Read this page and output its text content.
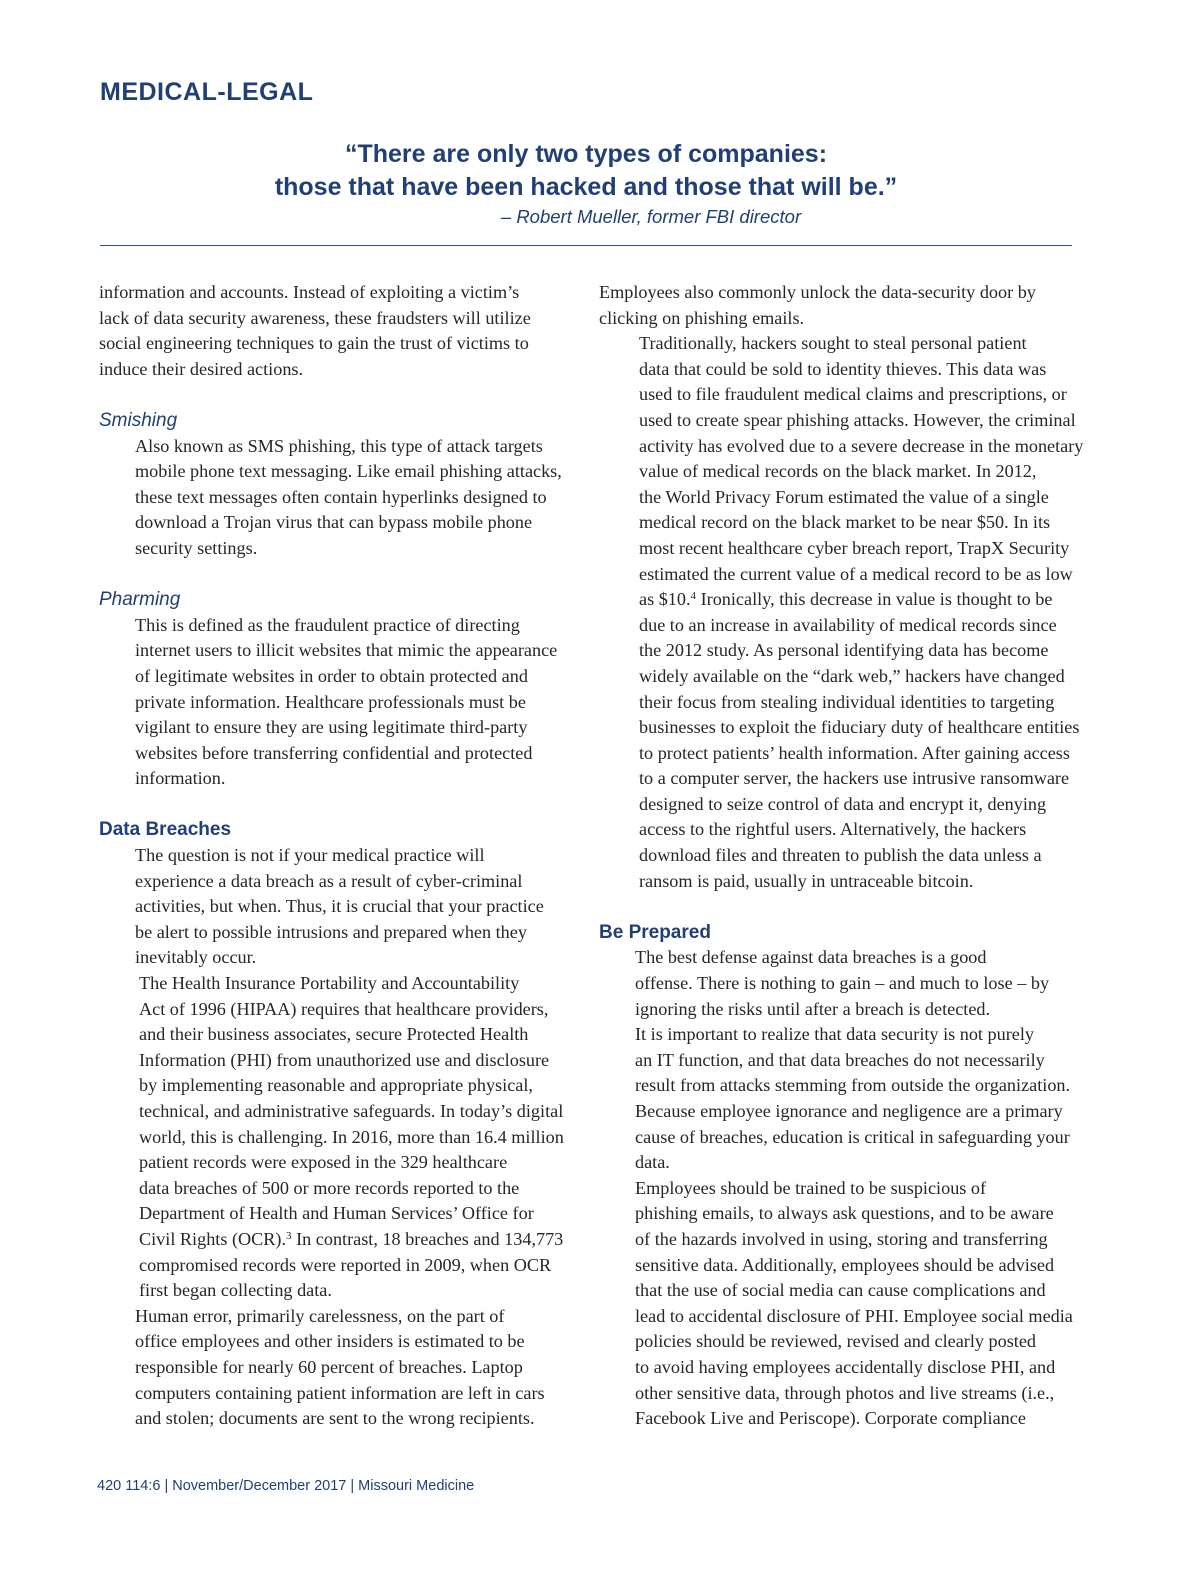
MEDICAL-LEGAL
“There are only two types of companies:
those that have been hacked and those that will be.”
– Robert Mueller, former FBI director

information and accounts. Instead of exploiting a victim’s
lack of data security awareness, these fraudsters will utilize
social engineering techniques to gain the trust of victims to
induce their desired actions.

Smishing

Also known as SMS phishing, this type of attack targets
mobile phone text messaging. Like email phishing attacks,
these text messages often contain hyperlinks designed to
download a Trojan virus that can bypass mobile phone
security settings.

Pharming

This is defined as the fraudulent practice of directing
internet users to illicit websites that mimic the appearance
of legitimate websites in order to obtain protected and
private information. Healthcare professionals must be
vigilant to ensure they are using legitimate third-party
websites before transferring confidential and protected
information.

Data Breaches

The question is not if your medical practice will
experience a data breach as a result of cyber-criminal
activities, but when. Thus, it is crucial that your practice
be alert to possible intrusions and prepared when they
inevitably occur.

The Health Insurance Portability and Accountability
Act of 1996 (HIPAA) requires that healthcare providers,
and their business associates, secure Protected Health
Information (PHI) from unauthorized use and disclosure
by implementing reasonable and appropriate physical,
technical, and administrative safeguards. In today’s digital
world, this is challenging. In 2016, more than 16.4 million
patient records were exposed in the 329 healthcare
data breaches of 500 or more records reported to the
Department of Health and Human Services’ Office for
Civil Rights (OCR).$^3$ In contrast, 18 breaches and 134,773
compromised records were reported in 2009, when OCR
first began collecting data.

Human error, primarily carelessness, on the part of
office employees and other insiders is estimated to be
responsible for nearly 60 percent of breaches. Laptop
computers containing patient information are left in cars
and stolen; documents are sent to the wrong recipients.

Employees also commonly unlock the data-security door by
clicking on phishing emails.

Traditionally, hackers sought to steal personal patient
data that could be sold to identity thieves. This data was
used to file fraudulent medical claims and prescriptions, or
used to create spear phishing attacks. However, the criminal
activity has evolved due to a severe decrease in the monetary
value of medical records on the black market. In 2012,
the World Privacy Forum estimated the value of a single
medical record on the black market to be near $50. In its
most recent healthcare cyber breach report, TrapX Security
estimated the current value of a medical record to be as low
as $10.$^4$ Ironically, this decrease in value is thought to be
due to an increase in availability of medical records since
the 2012 study. As personal identifying data has become
widely available on the “dark web,” hackers have changed
their focus from stealing individual identities to targeting
businesses to exploit the fiduciary duty of healthcare entities
to protect patients’ health information. After gaining access
to a computer server, the hackers use intrusive ransomware
designed to seize control of data and encrypt it, denying
access to the rightful users. Alternatively, the hackers
download files and threaten to publish the data unless a
ransom is paid, usually in untraceable bitcoin.

Be Prepared

The best defense against data breaches is a good
offense. There is nothing to gain – and much to lose – by
ignoring the risks until after a breach is detected.

It is important to realize that data security is not purely
an IT function, and that data breaches do not necessarily
result from attacks stemming from outside the organization.
Because employee ignorance and negligence are a primary
cause of breaches, education is critical in safeguarding your
data.

Employees should be trained to be suspicious of
phishing emails, to always ask questions, and to be aware
of the hazards involved in using, storing and transferring
sensitive data. Additionally, employees should be advised
that the use of social media can cause complications and
lead to accidental disclosure of PHI. Employee social media
policies should be reviewed, revised and clearly posted
to avoid having employees accidentally disclose PHI, and
other sensitive data, through photos and live streams (i.e.,
Facebook Live and Periscope). Corporate compliance

420 114:6 | November/December 2017 | Missouri Medicine
